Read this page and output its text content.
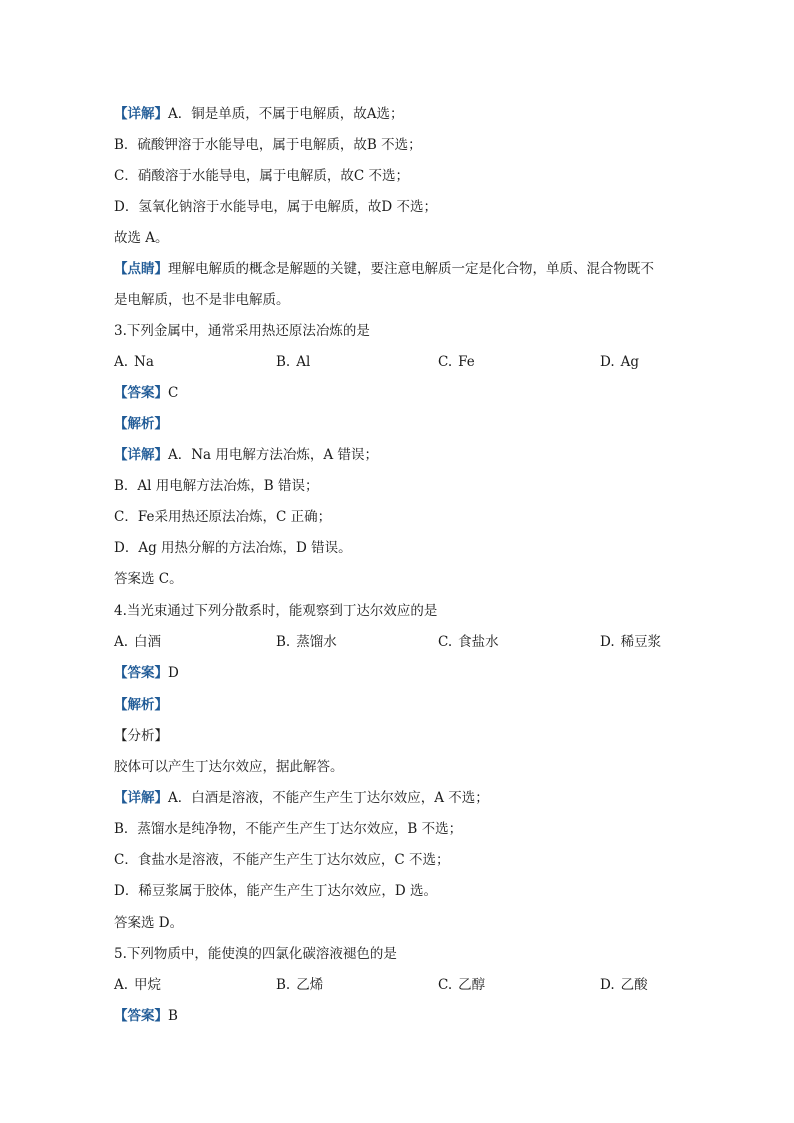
【详解】A．铜是单质，不属于电解质，故A选；
B．硫酸钾溶于水能导电，属于电解质，故B 不选；
C．硝酸溶于水能导电，属于电解质，故C 不选；
D．氢氧化钠溶于水能导电，属于电解质，故D 不选；
故选 A。
【点睛】理解电解质的概念是解题的关键，要注意电解质一定是化合物，单质、混合物既不
是电解质，也不是非电解质。
3.下列金属中，通常采用热还原法冶炼的是
A. Na	B. Al	C. Fe	D. Ag
【答案】C
【解析】
【详解】A．Na 用电解方法冶炼，A 错误；
B．Al 用电解方法冶炼，B 错误；
C．Fe采用热还原法冶炼，C 正确；
D．Ag 用热分解的方法冶炼，D 错误。
答案选 C。
4.当光束通过下列分散系时，能观察到丁达尔效应的是
A. 白酒	B. 蒸馏水	C. 食盐水	D. 稀豆浆
【答案】D
【解析】
【分析】
胶体可以产生丁达尔效应，据此解答。
【详解】A．白酒是溶液，不能产生产生丁达尔效应，A 不选；
B．蒸馏水是纯净物，不能产生产生丁达尔效应，B 不选；
C．食盐水是溶液，不能产生产生丁达尔效应，C 不选；
D．稀豆浆属于胶体，能产生产生丁达尔效应，D 选。
答案选 D。
5.下列物质中，能使溴的四氯化碳溶液褪色的是
A. 甲烷	B. 乙烯	C. 乙醇	D. 乙酸
【答案】B
